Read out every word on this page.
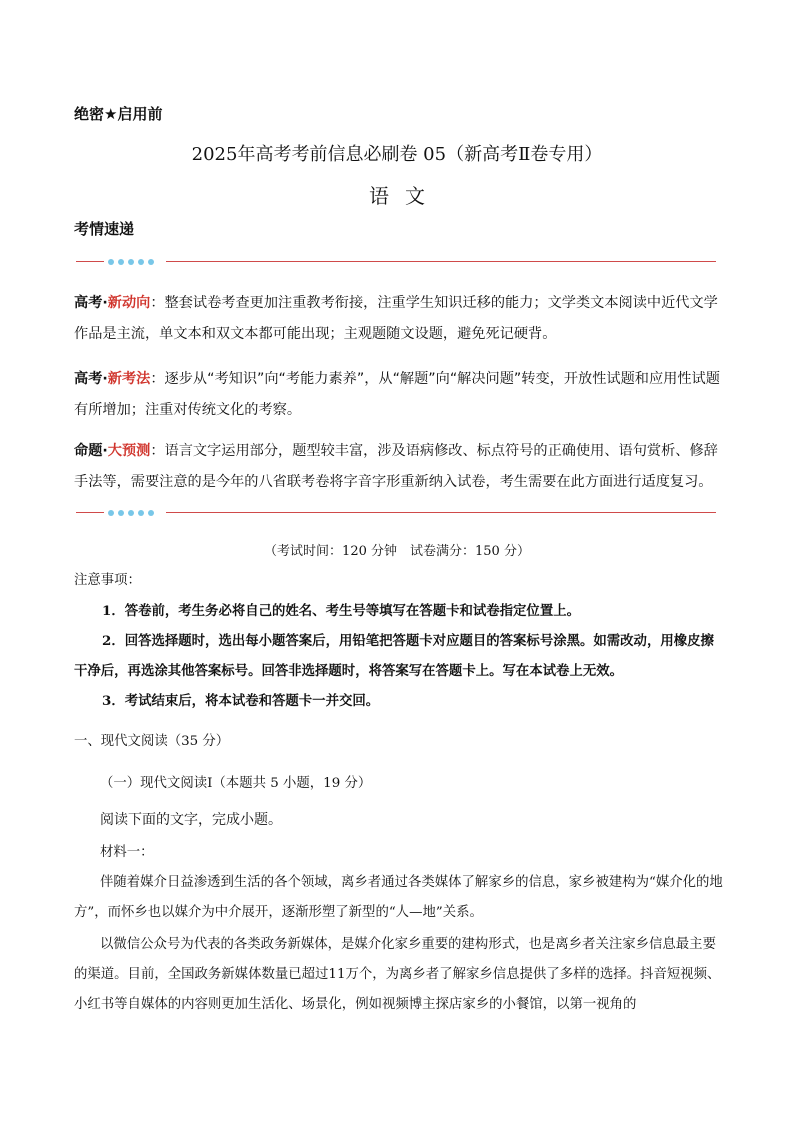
绝密★启用前
2025年高考考前信息必刷卷 05（新高考Ⅱ卷专用）
语文
考情速递
高考·新动向：整套试卷考查更加注重教考衔接，注重学生知识迁移的能力；文学类文本阅读中近代文学作品是主流，单文本和双文本都可能出现；主观题随文设题，避免死记硬背。
高考·新考法：逐步从“考知识”向“考能力素养”，从“解题”向“解决问题”转变，开放性试题和应用性试题有所增加；注重对传统文化的考察。
命题·大预测：语言文字运用部分，题型较丰富，涉及语病修改、标点符号的正确使用、语句赏析、修辞手法等，需要注意的是今年的八省联考卷将字音字形重新纳入试卷，考生需要在此方面进行适度复习。
（考试时间：120 分钟　试卷满分：150 分）
注意事项：
1．答卷前，考生务必将自己的姓名、考生号等填写在答题卡和试卷指定位置上。
2．回答选择题时，选出每小题答案后，用铅笔把答题卡对应题目的答案标号涂黑。如需改动，用橡皮擦干净后，再选涂其他答案标号。回答非选择题时，将答案写在答题卡上。写在本试卷上无效。
3．考试结束后，将本试卷和答题卡一并交回。
一、现代文阅读（35 分）
（一）现代文阅读Ⅰ（本题共 5 小题，19 分）
阅读下面的文字，完成小题。
材料一：
伴随着媒介日益渗透到生活的各个领域，离乡者通过各类媒体了解家乡的信息，家乡被建构为“媒介化的地方”，而怀乡也以媒介为中介展开，逐渐形塑了新型的“人—地”关系。
以微信公众号为代表的各类政务新媒体，是媒介化家乡重要的建构形式，也是离乡者关注家乡信息最主要的渠道。目前，全国政务新媒体数量已超过11万个，为离乡者了解家乡信息提供了多样的选择。抖音短视频、小红书等自媒体的内容则更加生活化、场景化，例如视频博主探店家乡的小餐馆，以第一视角的
